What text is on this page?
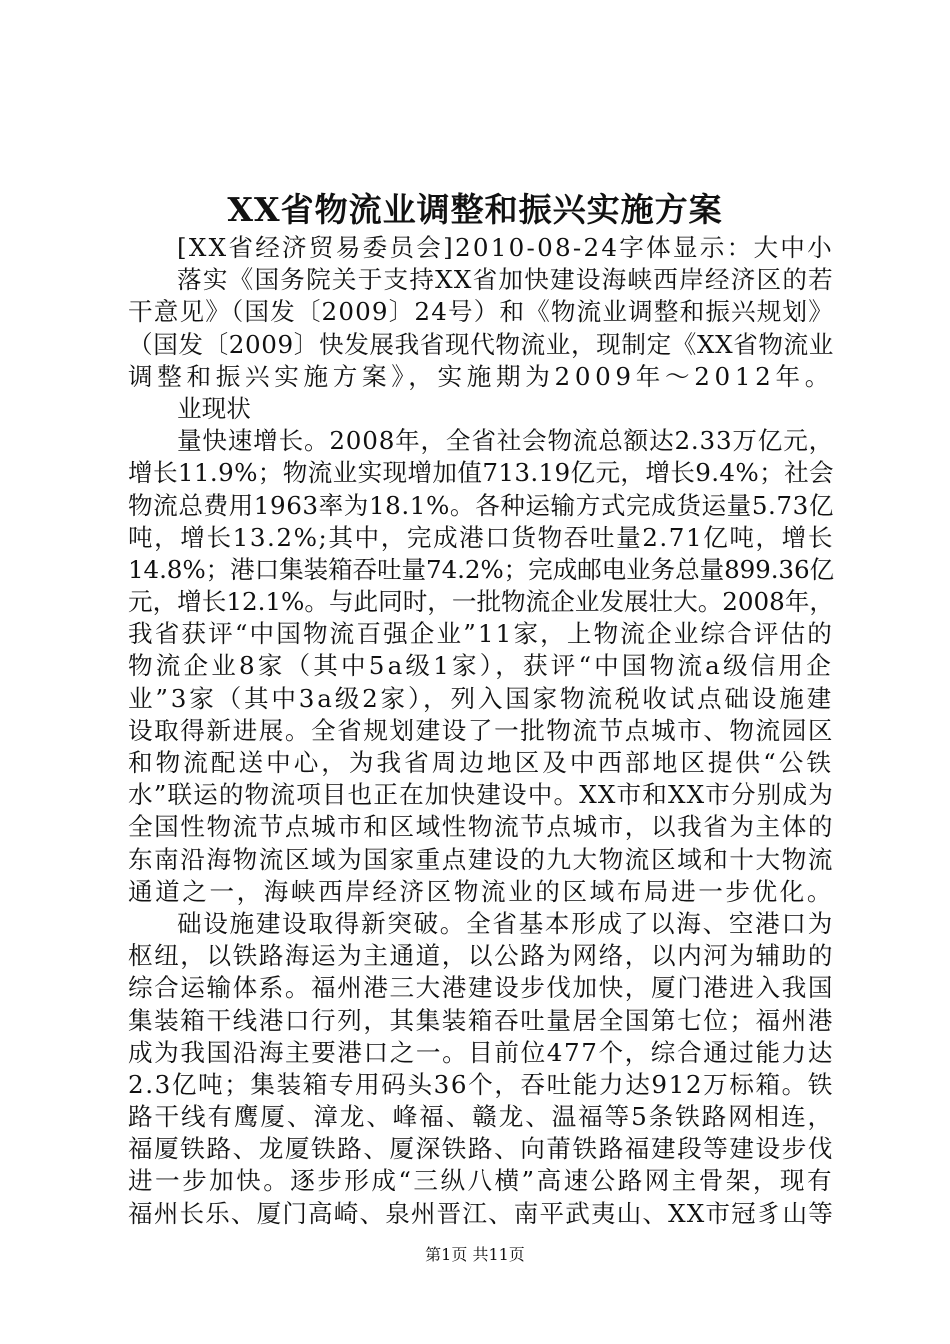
XX省物流业调整和振兴实施方案
[XX省经济贸易委员会]2010-08-24字体显示：大中小
落实《国务院关于支持XX省加快建设海峡西岸经济区的若
干意见》（国发〔2009〕24号）和《物流业调整和振兴规划》
（国发〔2009〕快发展我省现代物流业，现制定《XX省物流业
调整和振兴实施方案》，实施期为2009年～2012年。
业现状
量快速增长。2008年，全省社会物流总额达2.33万亿元，
增长11.9%；物流业实现增加值713.19亿元，增长9.4%；社会
物流总费用1963率为18.1%。各种运输方式完成货运量5.73亿
吨，增长13.2%;其中，完成港口货物吞吐量2.71亿吨，增长
14.8%；港口集装箱吞吐量74.2%；完成邮电业务总量899.36亿
元，增长12.1%。与此同时，一批物流企业发展壮大。2008年，
我省获评“中国物流百强企业”11家，上物流企业综合评估的
物流企业8家（其中5a级1家），获评“中国物流a级信用企
业”3家（其中3a级2家），列入国家物流税收试点础设施建
设取得新进展。全省规划建设了一批物流节点城市、物流园区
和物流配送中心，为我省周边地区及中西部地区提供“公铁
水”联运的物流项目也正在加快建设中。XX市和XX市分别成为
全国性物流节点城市和区域性物流节点城市，以我省为主体的
东南沿海物流区域为国家重点建设的九大物流区域和十大物流
通道之一，海峡西岸经济区物流业的区域布局进一步优化。
础设施建设取得新突破。全省基本形成了以海、空港口为
枢纽，以铁路海运为主通道，以公路为网络，以内河为辅助的
综合运输体系。福州港三大港建设步伐加快，厦门港进入我国
集装箱干线港口行列，其集装箱吞吐量居全国第七位；福州港
成为我国沿海主要港口之一。目前位477个，综合通过能力达
2.3亿吨；集装箱专用码头36个，吞吐能力达912万标箱。铁
路干线有鹰厦、漳龙、峰福、赣龙、温福等5条铁路网相连，
福厦铁路、龙厦铁路、厦深铁路、向莆铁路福建段等建设步伐
进一步加快。逐步形成“三纵八横”高速公路网主骨架，现有
福州长乐、厦门高崎、泉州晋江、南平武夷山、XX市冠豸山等
第1页 共11页
